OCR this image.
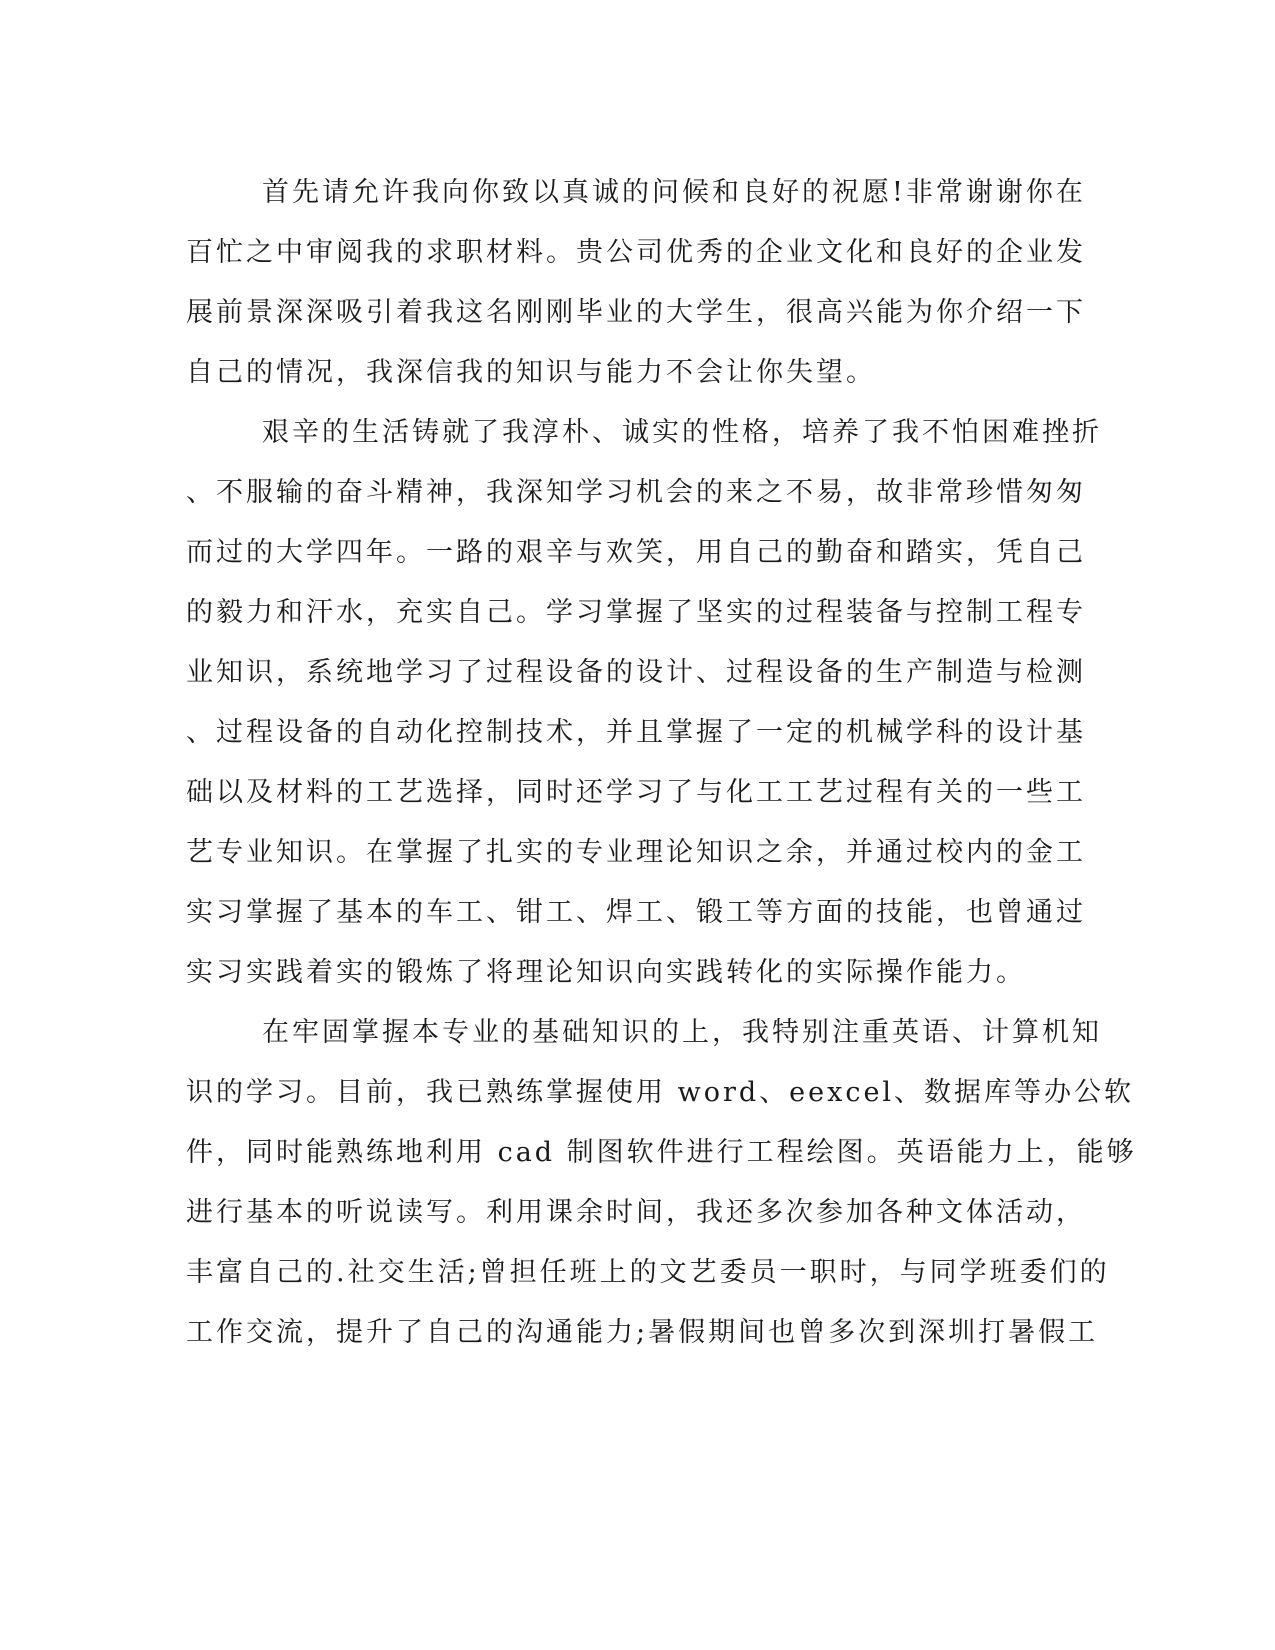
首先请允许我向你致以真诚的问候和良好的祝愿!非常谢谢你在
百忙之中审阅我的求职材料。贵公司优秀的企业文化和良好的企业发
展前景深深吸引着我这名刚刚毕业的大学生，很高兴能为你介绍一下
自己的情况，我深信我的知识与能力不会让你失望。
艰辛的生活铸就了我淳朴、诚实的性格，培养了我不怕困难挫折
、不服输的奋斗精神，我深知学习机会的来之不易，故非常珍惜匆匆
而过的大学四年。一路的艰辛与欢笑，用自己的勤奋和踏实，凭自己
的毅力和汗水，充实自己。学习掌握了坚实的过程装备与控制工程专
业知识，系统地学习了过程设备的设计、过程设备的生产制造与检测
、过程设备的自动化控制技术，并且掌握了一定的机械学科的设计基
础以及材料的工艺选择，同时还学习了与化工工艺过程有关的一些工
艺专业知识。在掌握了扎实的专业理论知识之余，并通过校内的金工
实习掌握了基本的车工、钳工、焊工、锻工等方面的技能，也曾通过
实习实践着实的锻炼了将理论知识向实践转化的实际操作能力。
在牢固掌握本专业的基础知识的上，我特别注重英语、计算机知
识的学习。目前，我已熟练掌握使用 word、eexcel、数据库等办公软
件，同时能熟练地利用 cad 制图软件进行工程绘图。英语能力上，能够
进行基本的听说读写。利用课余时间，我还多次参加各种文体活动，
丰富自己的.社交生活;曾担任班上的文艺委员一职时，与同学班委们的
工作交流，提升了自己的沟通能力;暑假期间也曾多次到深圳打暑假工
